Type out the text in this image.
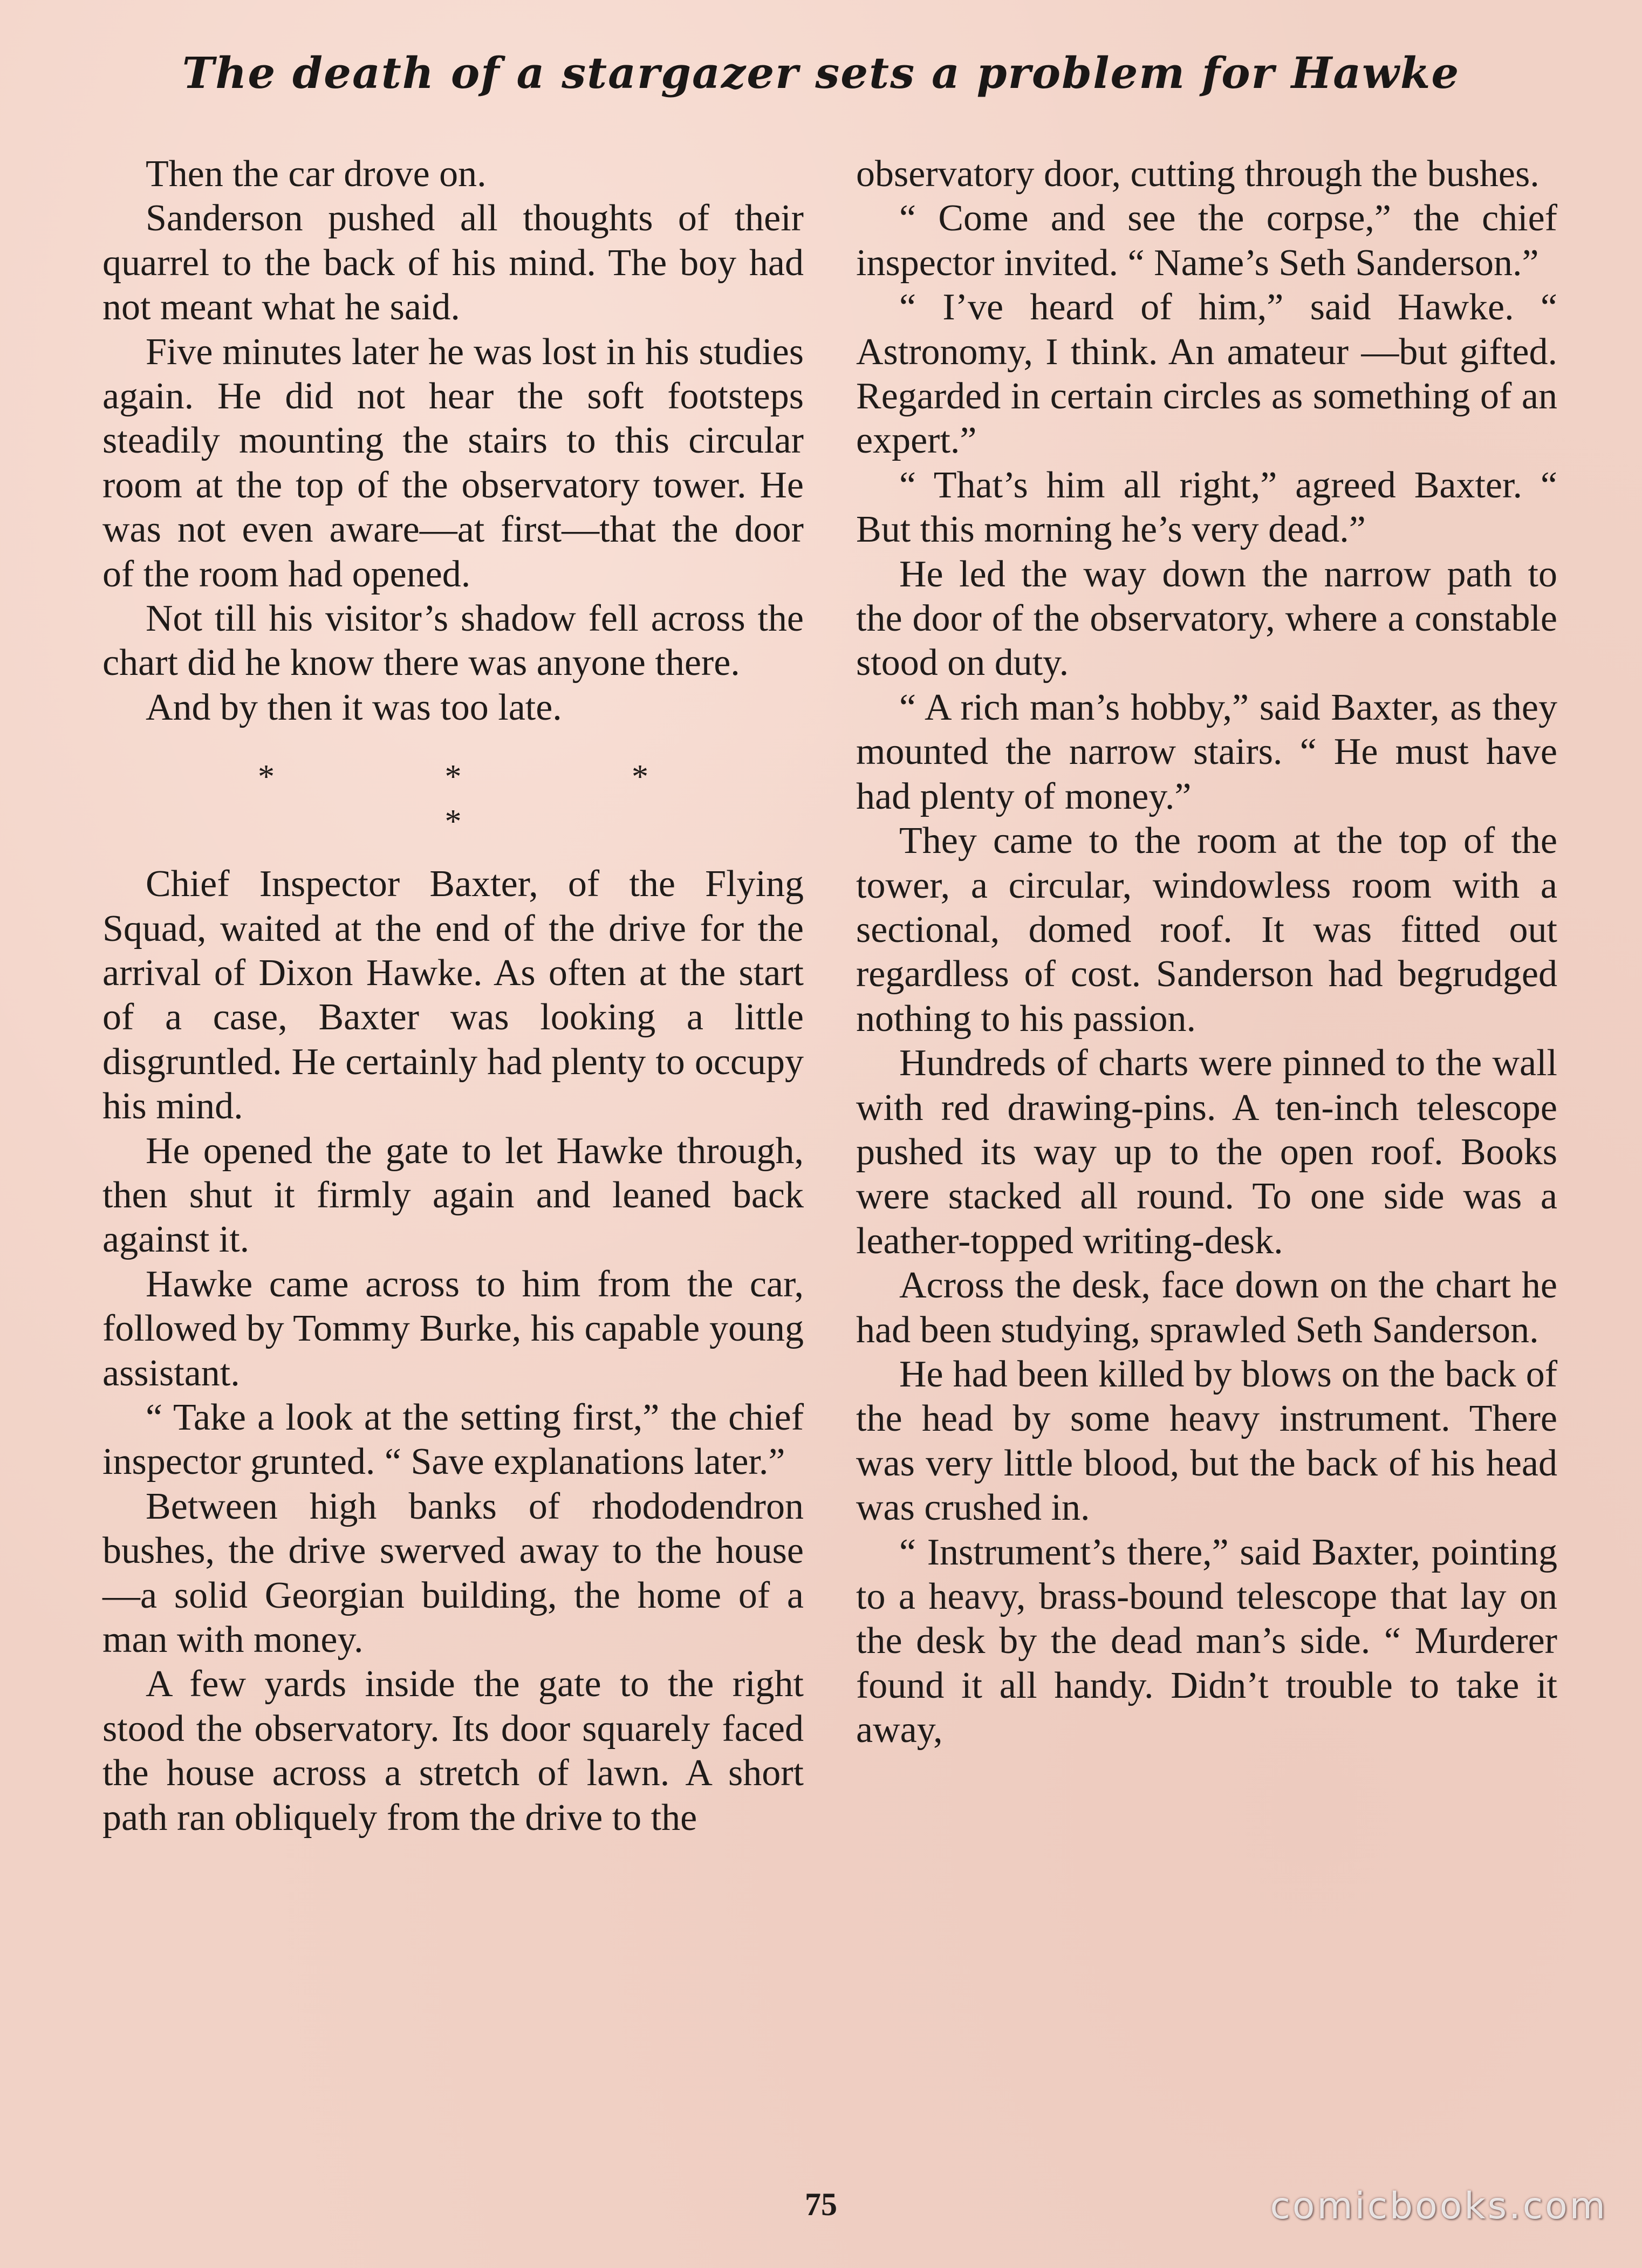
The death of a stargazer sets a problem for Hawke

Then the car drove on.

Sanderson pushed all thoughts of their quarrel to the back of his mind. The boy had not meant what he said.

Five minutes later he was lost in his studies again. He did not hear the soft footsteps steadily mounting the stairs to this circular room at the top of the observatory tower. He was not even aware—at first—that the door of the room had opened.

Not till his visitor’s shadow fell across the chart did he know there was anyone there.

And by then it was too late.

* * * *

Chief Inspector Baxter, of the Flying Squad, waited at the end of the drive for the arrival of Dixon Hawke. As often at the start of a case, Baxter was looking a little disgruntled. He certainly had plenty to occupy his mind.

He opened the gate to let Hawke through, then shut it firmly again and leaned back against it.

Hawke came across to him from the car, followed by Tommy Burke, his capable young assistant.

“ Take a look at the setting first,” the chief inspector grunted. “ Save explanations later.”

Between high banks of rhododendron bushes, the drive swerved away to the house—a solid Georgian building, the home of a man with money.

A few yards inside the gate to the right stood the observatory. Its door squarely faced the house across a stretch of lawn. A short path ran obliquely from the drive to the

observatory door, cutting through the bushes.

“ Come and see the corpse,” the chief inspector invited. “ Name’s Seth Sanderson.”

“ I’ve heard of him,” said Hawke. “ Astronomy, I think. An amateur —but gifted. Regarded in certain circles as something of an expert.”

“ That’s him all right,” agreed Baxter. “ But this morning he’s very dead.”

He led the way down the narrow path to the door of the observatory, where a constable stood on duty.

“ A rich man’s hobby,” said Baxter, as they mounted the narrow stairs. “ He must have had plenty of money.”

They came to the room at the top of the tower, a circular, windowless room with a sectional, domed roof. It was fitted out regardless of cost. Sanderson had begrudged nothing to his passion.

Hundreds of charts were pinned to the wall with red drawing-pins. A ten-inch telescope pushed its way up to the open roof. Books were stacked all round. To one side was a leather-topped writing-desk.

Across the desk, face down on the chart he had been studying, sprawled Seth Sanderson.

He had been killed by blows on the back of the head by some heavy instrument. There was very little blood, but the back of his head was crushed in.

“ Instrument’s there,” said Baxter, pointing to a heavy, brass-bound telescope that lay on the desk by the dead man’s side. “ Murderer found it all handy. Didn’t trouble to take it away,

75	comicbooks.com
